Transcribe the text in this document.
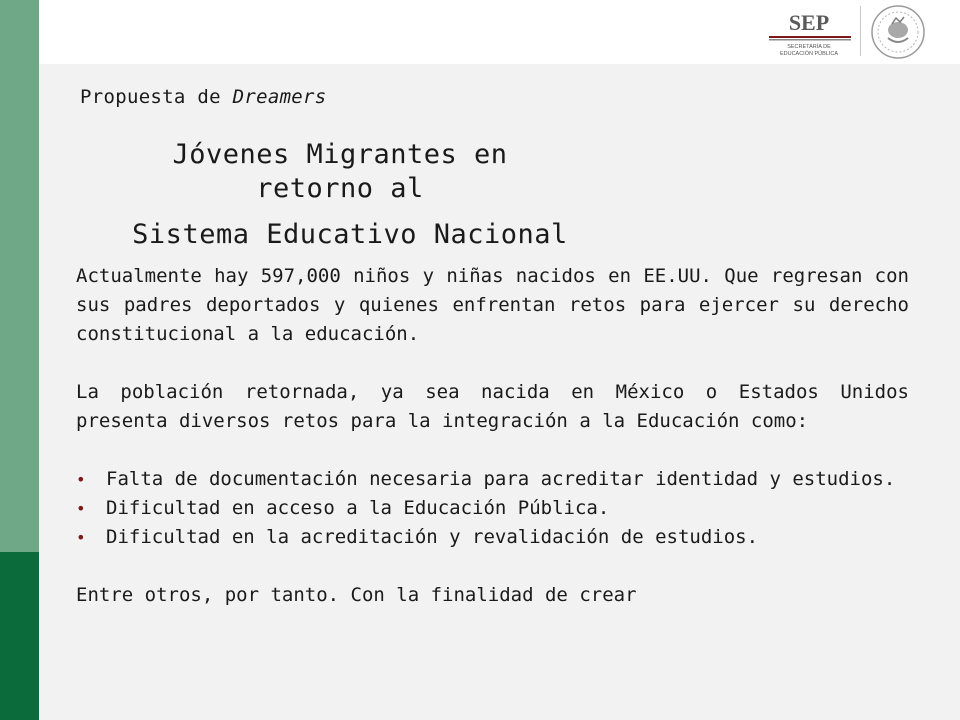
SEP
SECRETARÍA DE
EDUCACIÓN PÚBLICA
Propuesta de Dreamers
Jóvenes Migrantes en
retorno al
Sistema Educativo Nacional

Actualmente hay 597,000 niños y niñas nacidos en EE.UU. Que regresan con sus padres deportados y quienes enfrentan retos para ejercer su derecho constitucional a la educación.

La población retornada, ya sea nacida en México o Estados Unidos presenta diversos retos para la integración a la Educación como:

• Falta de documentación necesaria para acreditar identidad y estudios.
• Dificultad en acceso a la Educación Pública.
• Dificultad en la acreditación y revalidación de estudios.

Entre otros, por tanto. Con la finalidad de crear
